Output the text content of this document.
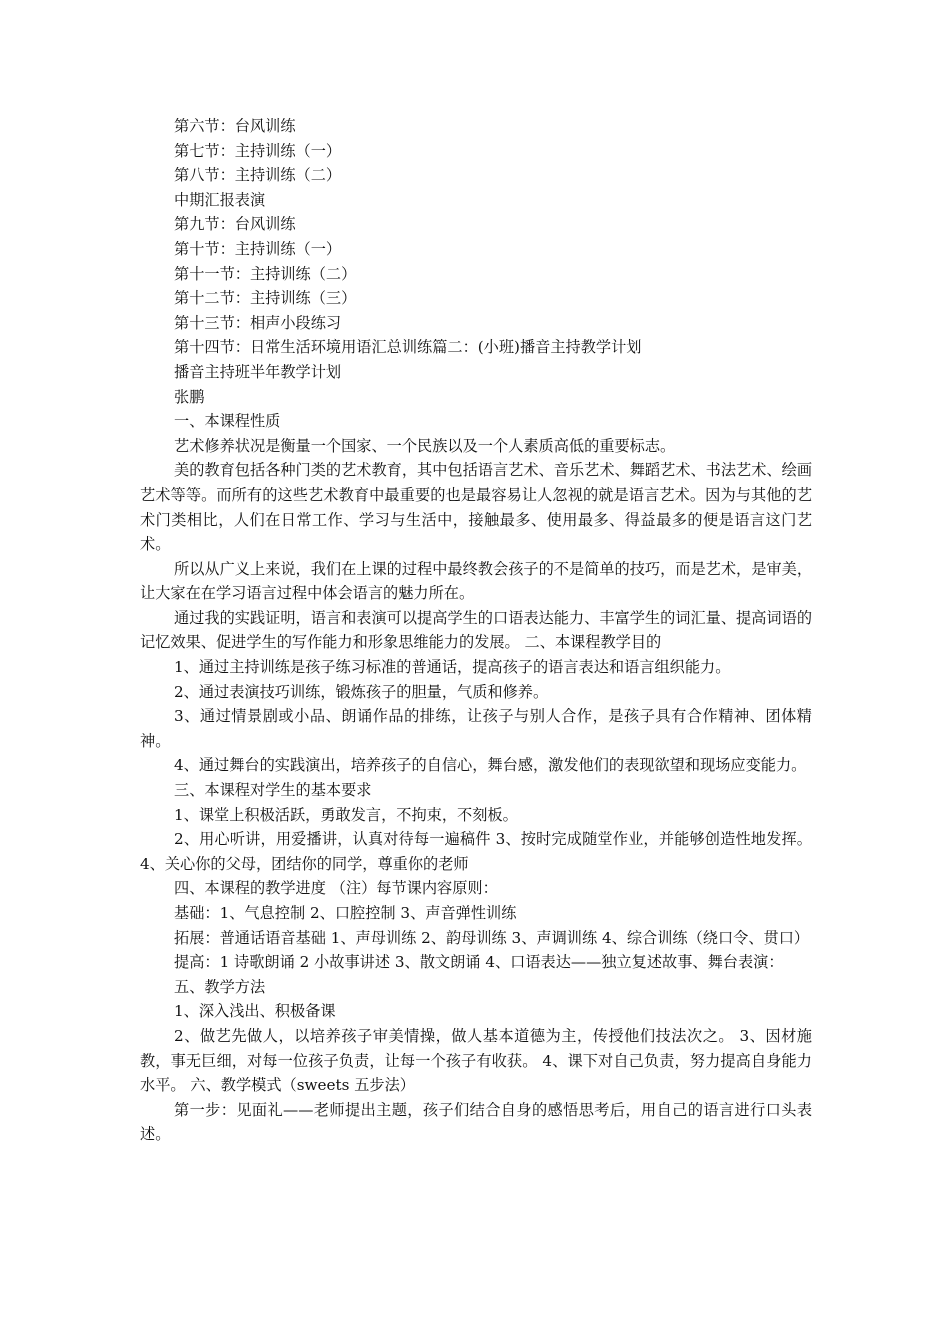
第六节：台风训练
第七节：主持训练（一）
第八节：主持训练（二）
中期汇报表演
第九节：台风训练
第十节：主持训练（一）
第十一节：主持训练（二）
第十二节：主持训练（三）
第十三节：相声小段练习
第十四节：日常生活环境用语汇总训练篇二：(小班)播音主持教学计划
播音主持班半年教学计划
张鹏
一、本课程性质

艺术修养状况是衡量一个国家、一个民族以及一个人素质高低的重要标志。

美的教育包括各种门类的艺术教育，其中包括语言艺术、音乐艺术、舞蹈艺术、书法艺术、绘画艺术等等。而所有的这些艺术教育中最重要的也是最容易让人忽视的就是语言艺术。因为与其他的艺术门类相比，人们在日常工作、学习与生活中，接触最多、使用最多、得益最多的便是语言这门艺术。

所以从广义上来说，我们在上课的过程中最终教会孩子的不是简单的技巧，而是艺术，是审美，让大家在在学习语言过程中体会语言的魅力所在。

通过我的实践证明，语言和表演可以提高学生的口语表达能力、丰富学生的词汇量、提高词语的记忆效果、促进学生的写作能力和形象思维能力的发展。 二、本课程教学目的

1、通过主持训练是孩子练习标准的普通话，提高孩子的语言表达和语言组织能力。

2、通过表演技巧训练，锻炼孩子的胆量，气质和修养。

3、通过情景剧或小品、朗诵作品的排练，让孩子与别人合作，是孩子具有合作精神、团体精神。

4、通过舞台的实践演出，培养孩子的自信心，舞台感，激发他们的表现欲望和现场应变能力。

三、本课程对学生的基本要求

1、课堂上积极活跃，勇敢发言，不拘束，不刻板。

2、用心听讲，用爱播讲，认真对待每一遍稿件 3、按时完成随堂作业，并能够创造性地发挥。 4、关心你的父母，团结你的同学，尊重你的老师

四、本课程的教学进度 （注）每节课内容原则：

基础：1、气息控制 2、口腔控制 3、声音弹性训练

拓展：普通话语音基础 1、声母训练 2、韵母训练 3、声调训练 4、综合训练（绕口令、贯口）

提高：1 诗歌朗诵 2 小故事讲述 3、散文朗诵 4、口语表达——独立复述故事、舞台表演：

五、教学方法

1、深入浅出、积极备课

2、做艺先做人，以培养孩子审美情操，做人基本道德为主，传授他们技法次之。 3、因材施教，事无巨细，对每一位孩子负责，让每一个孩子有收获。 4、课下对自己负责，努力提高自身能力水平。 六、教学模式（sweets 五步法）

第一步：见面礼——老师提出主题，孩子们结合自身的感悟思考后，用自己的语言进行口头表述。
